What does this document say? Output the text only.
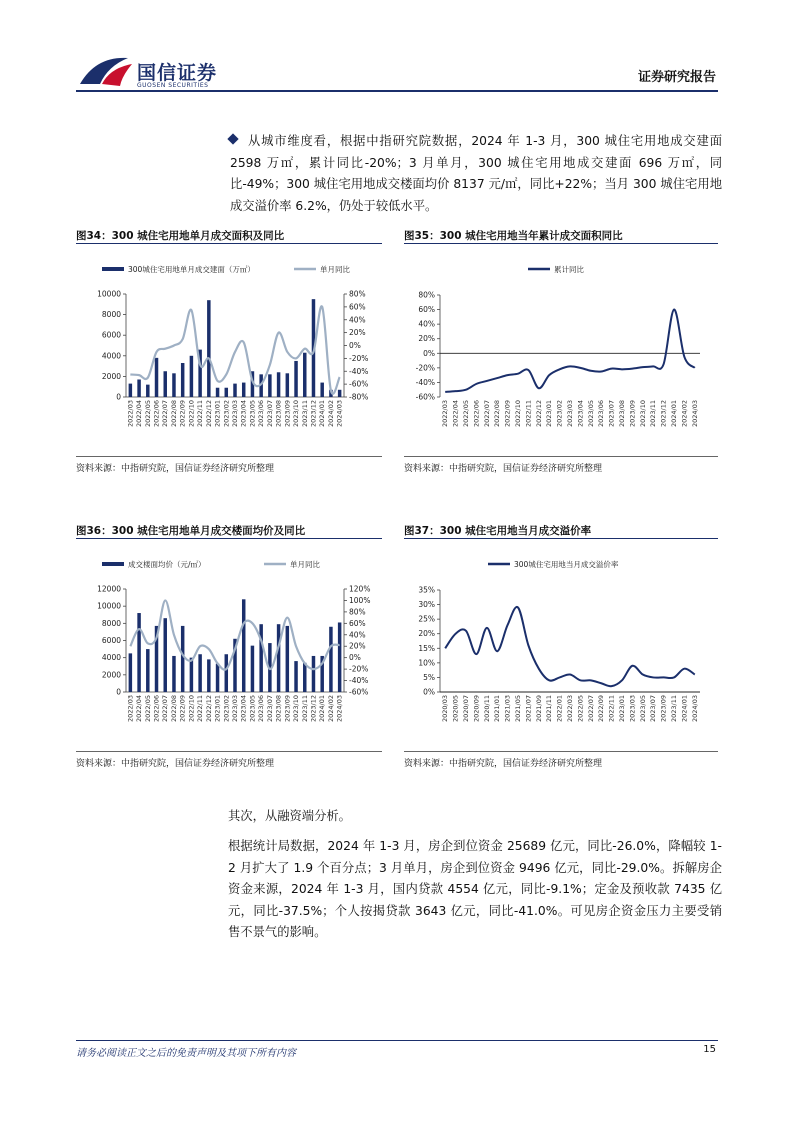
国信证券
GUOSEN SECURITIES
证券研究报告
从城市维度看，根据中指研究院数据，2024 年 1-3 月，300 城住宅用地成交建面 2598 万㎡，累计同比-20%；3 月单月，300 城住宅用地成交建面 696 万㎡，同比-49%；300 城住宅用地成交楼面均价 8137 元/㎡，同比+22%；当月 300 城住宅用地成交溢价率 6.2%，仍处于较低水平。
图34：300 城住宅用地单月成交面积及同比	图35：300 城住宅用地当年累计成交面积同比
300城住宅用地单月成交建面（万㎡）	单月同比
0
2000
4000
6000
8000
10000
-80%
-60%
-40%
-20%
0%
20%
40%
60%
80%
2022/03 2022/04 2022/05 2022/06 2022/07 2022/08 2022/09 2022/10 2022/11 2022/12 2023/01 2023/02 2023/03 2023/04 2023/05 2023/06 2023/07 2023/08 2023/09 2023/10 2023/11 2023/12 2024/01 2024/02 2024/03
累计同比
-60%
-40%
-20%
0%
20%
40%
60%
80%
2022/03 2022/04 2022/05 2022/06 2022/07 2022/08 2022/09 2022/10 2022/11 2022/12 2023/01 2023/02 2023/03 2023/04 2023/05 2023/06 2023/07 2023/08 2023/09 2023/10 2023/11 2023/12 2024/01 2024/02 2024/03
资料来源：中指研究院，国信证券经济研究所整理	资料来源：中指研究院，国信证券经济研究所整理
图36：300 城住宅用地单月成交楼面均价及同比	图37：300 城住宅用地当月成交溢价率
成交楼面均价（元/㎡）	单月同比
0
2000
4000
6000
8000
10000
12000
-60%
-40%
-20%
0%
20%
40%
60%
80%
100%
120%
2022/03 2022/04 2022/05 2022/06 2022/07 2022/08 2022/09 2022/10 2022/11 2022/12 2023/01 2023/02 2023/03 2023/04 2023/05 2023/06 2023/07 2023/08 2023/09 2023/10 2023/11 2023/12 2024/01 2024/02 2024/03
300城住宅用地当月成交溢价率
0%
5%
10%
15%
20%
25%
30%
35%
2020/03 2020/05 2020/07 2020/09 2020/11 2021/01 2021/03 2021/05 2021/07 2021/09 2021/11 2022/01 2022/03 2022/05 2022/07 2022/09 2022/11 2023/01 2023/03 2023/05 2023/07 2023/09 2023/11 2024/01 2024/03
资料来源：中指研究院，国信证券经济研究所整理	资料来源：中指研究院，国信证券经济研究所整理
其次，从融资端分析。
根据统计局数据，2024 年 1-3 月，房企到位资金 25689 亿元，同比-26.0%，降幅较 1-2 月扩大了 1.9 个百分点；3 月单月，房企到位资金 9496 亿元，同比-29.0%。拆解房企资金来源，2024 年 1-3 月，国内贷款 4554 亿元，同比-9.1%；定金及预收款 7435 亿元，同比-37.5%；个人按揭贷款 3643 亿元，同比-41.0%。可见房企资金压力主要受销售不景气的影响。
请务必阅读正文之后的免责声明及其项下所有内容	15
